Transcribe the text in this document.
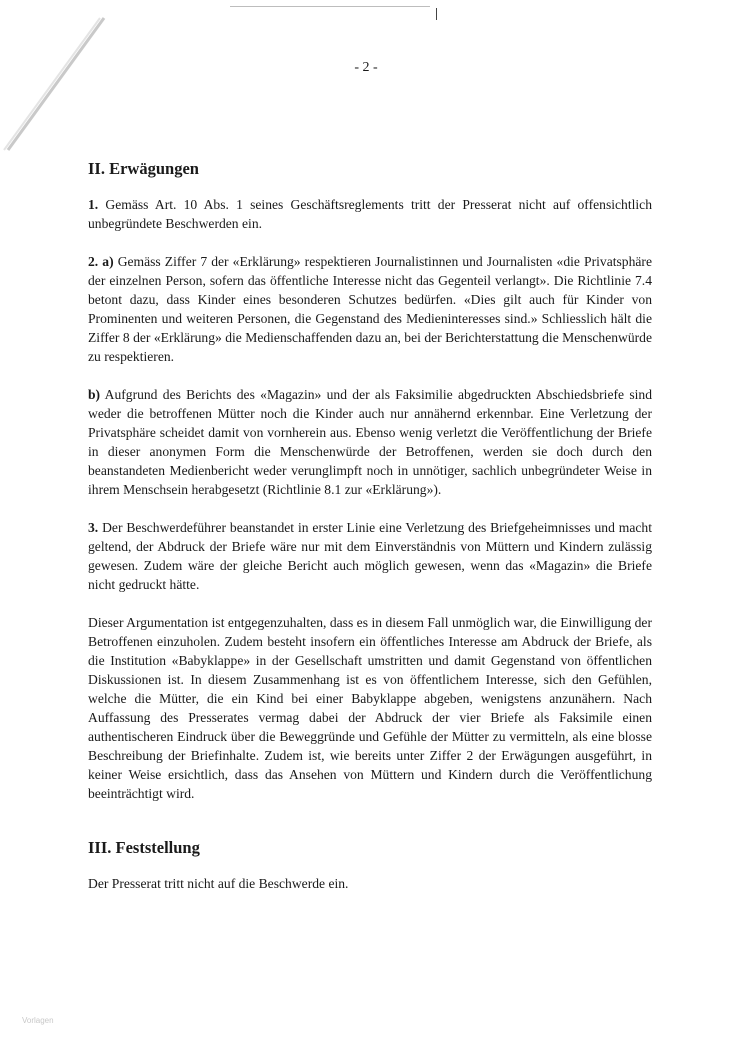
- 2 -
II. Erwägungen

1. Gemäss Art. 10 Abs. 1 seines Geschäftsreglements tritt der Presserat nicht auf offensichtlich unbegründete Beschwerden ein.

2. a) Gemäss Ziffer 7 der «Erklärung» respektieren Journalistinnen und Journalisten «die Privatsphäre der einzelnen Person, sofern das öffentliche Interesse nicht das Gegenteil verlangt». Die Richtlinie 7.4 betont dazu, dass Kinder eines besonderen Schutzes bedürfen. «Dies gilt auch für Kinder von Prominenten und weiteren Personen, die Gegenstand des Medieninteresses sind.» Schliesslich hält die Ziffer 8 der «Erklärung» die Medienschaffenden dazu an, bei der Berichterstattung die Menschenwürde zu respektieren.

b) Aufgrund des Berichts des «Magazin» und der als Faksimilie abgedruckten Abschiedsbriefe sind weder die betroffenen Mütter noch die Kinder auch nur annähernd erkennbar. Eine Verletzung der Privatsphäre scheidet damit von vornherein aus. Ebenso wenig verletzt die Veröffentlichung der Briefe in dieser anonymen Form die Menschenwürde der Betroffenen, werden sie doch durch den beanstandeten Medienbericht weder verunglimpft noch in unnötiger, sachlich unbegründeter Weise in ihrem Menschsein herabgesetzt (Richtlinie 8.1 zur «Erklärung»).

3. Der Beschwerdeführer beanstandet in erster Linie eine Verletzung des Briefgeheimnisses und macht geltend, der Abdruck der Briefe wäre nur mit dem Einverständnis von Müttern und Kindern zulässig gewesen. Zudem wäre der gleiche Bericht auch möglich gewesen, wenn das «Magazin» die Briefe nicht gedruckt hätte.

Dieser Argumentation ist entgegenzuhalten, dass es in diesem Fall unmöglich war, die Einwilligung der Betroffenen einzuholen. Zudem besteht insofern ein öffentliches Interesse am Abdruck der Briefe, als die Institution «Babyklappe» in der Gesellschaft umstritten und damit Gegenstand von öffentlichen Diskussionen ist. In diesem Zusammenhang ist es von öffentlichem Interesse, sich den Gefühlen, welche die Mütter, die ein Kind bei einer Babyklappe abgeben, wenigstens anzunähern. Nach Auffassung des Presserates vermag dabei der Abdruck der vier Briefe als Faksimile einen authentischeren Eindruck über die Beweggründe und Gefühle der Mütter zu vermitteln, als eine blosse Beschreibung der Briefinhalte. Zudem ist, wie bereits unter Ziffer 2 der Erwägungen ausgeführt, in keiner Weise ersichtlich, dass das Ansehen von Müttern und Kindern durch die Veröffentlichung beeinträchtigt wird.

III. Feststellung

Der Presserat tritt nicht auf die Beschwerde ein.

Vorlagen
